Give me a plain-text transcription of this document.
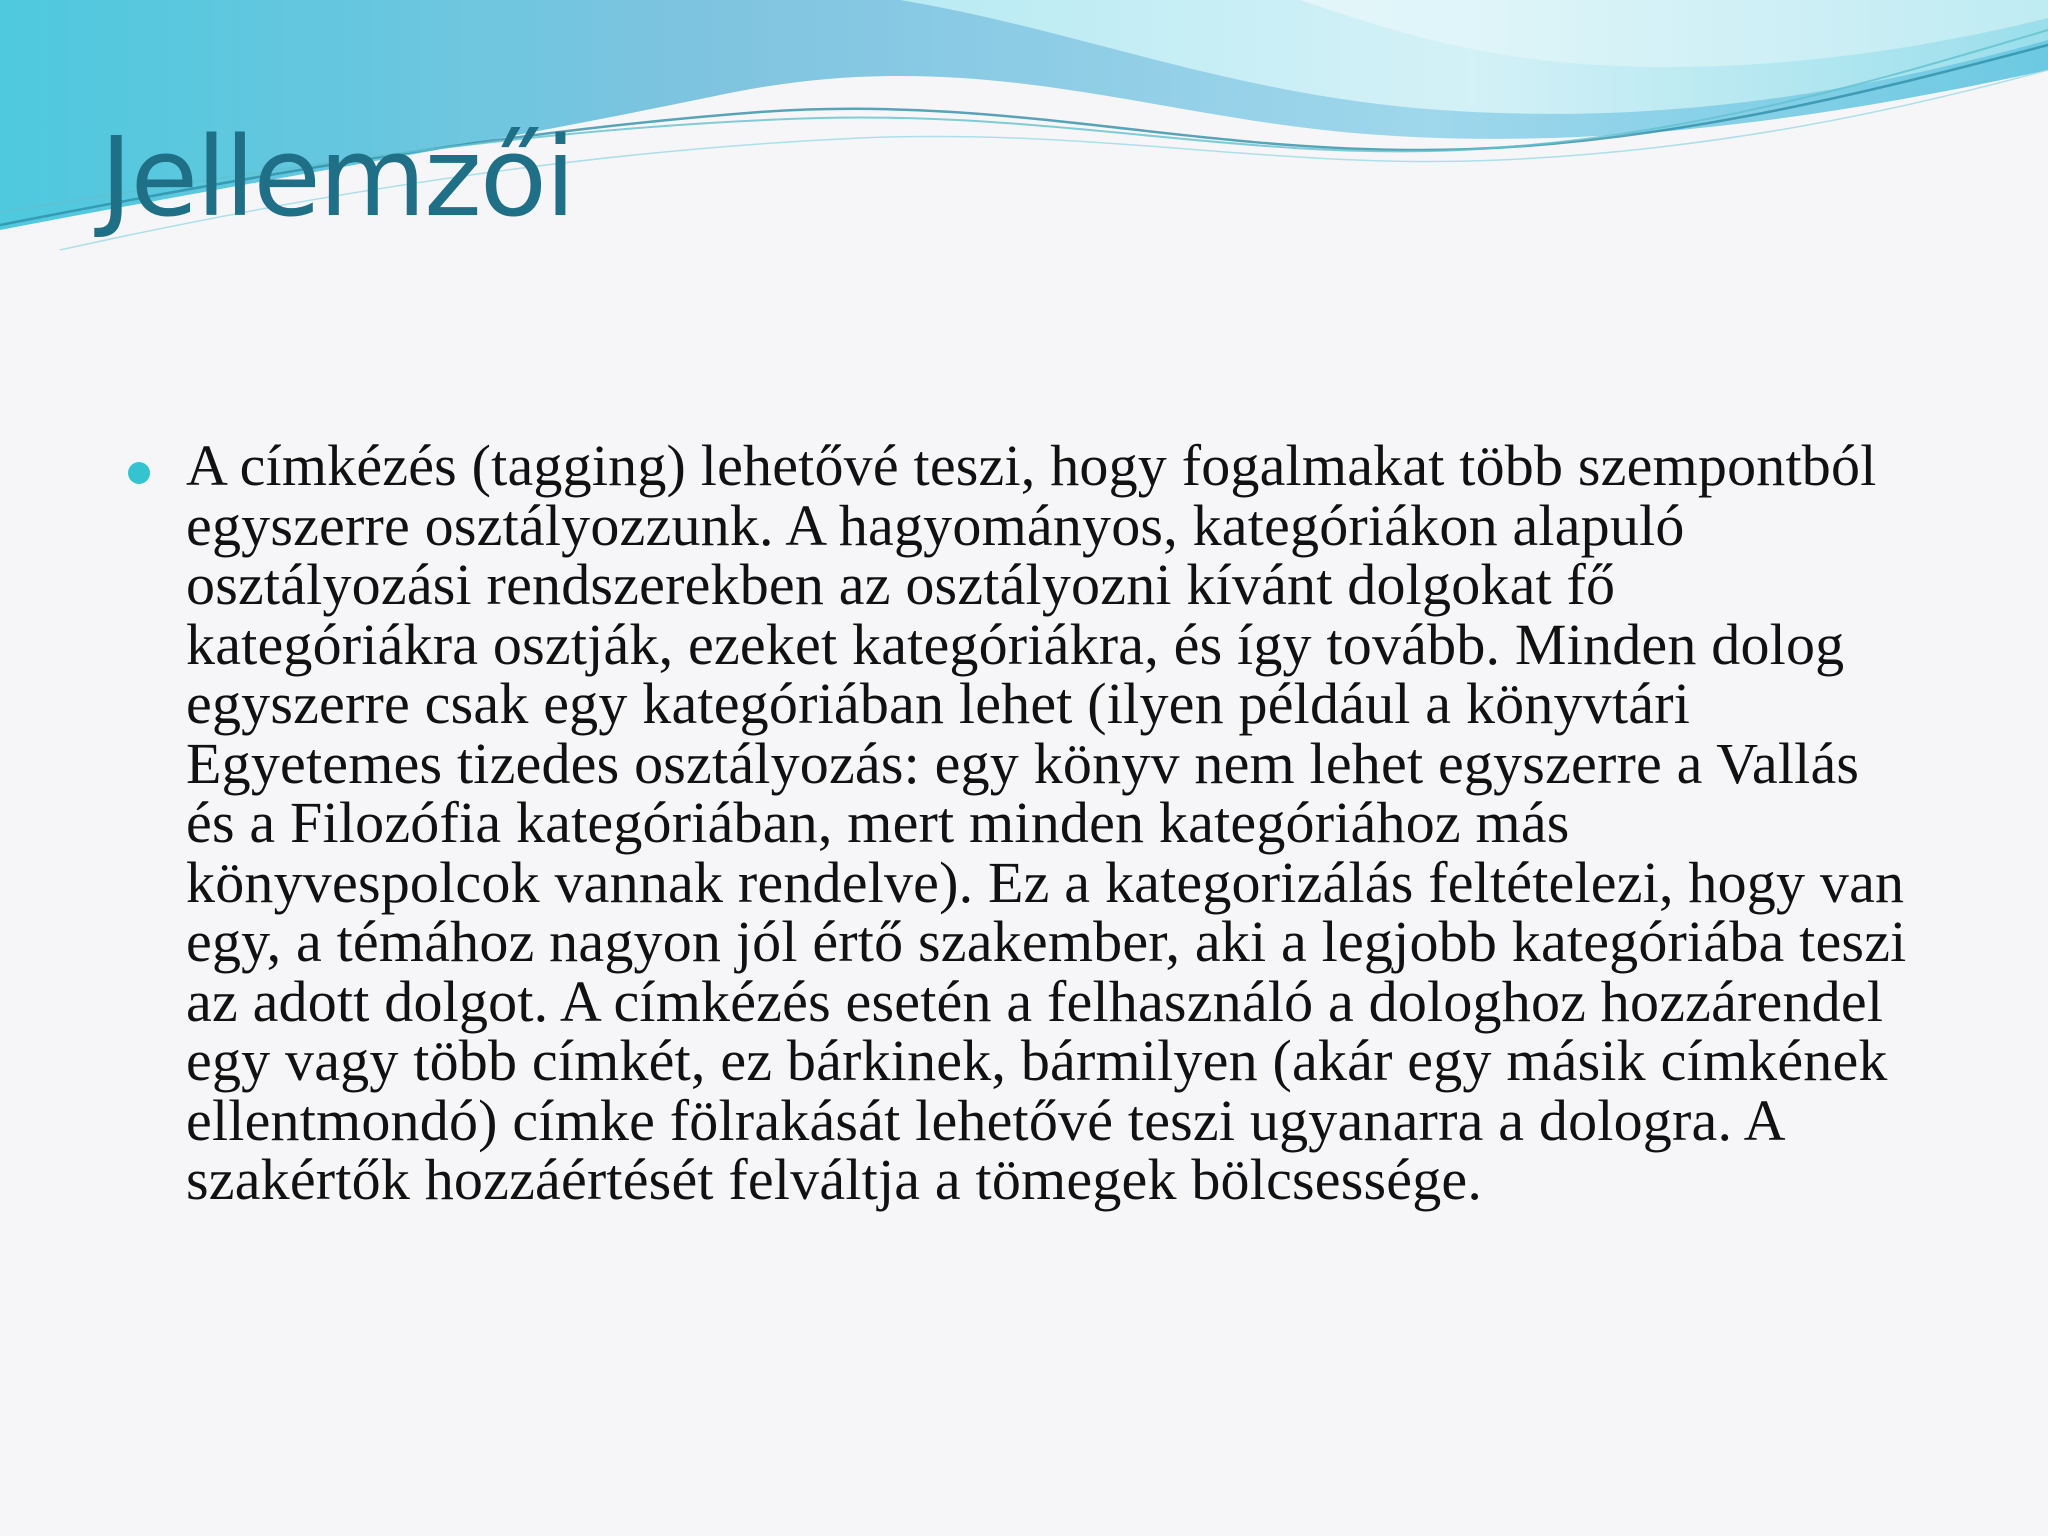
Jellemzői

A címkézés (tagging) lehetővé teszi, hogy fogalmakat több szempontból egyszerre osztályozzunk. A hagyományos, kategóriákon alapuló osztályozási rendszerekben az osztályozni kívánt dolgokat fő kategóriákra osztják, ezeket kategóriákra, és így tovább. Minden dolog egyszerre csak egy kategóriában lehet (ilyen például a könyvtári Egyetemes tizedes osztályozás: egy könyv nem lehet egyszerre a Vallás és a Filozófia kategóriában, mert minden kategóriához más könyvespolcok vannak rendelve). Ez a kategorizálás feltételezi, hogy van egy, a témához nagyon jól értő szakember, aki a legjobb kategóriába teszi az adott dolgot. A címkézés esetén a felhasználó a dologhoz hozzárendel egy vagy több címkét, ez bárkinek, bármilyen (akár egy másik címkének ellentmondó) címke fölrakását lehetővé teszi ugyanarra a dologra. A szakértők hozzáértését felváltja a tömegek bölcsessége.
